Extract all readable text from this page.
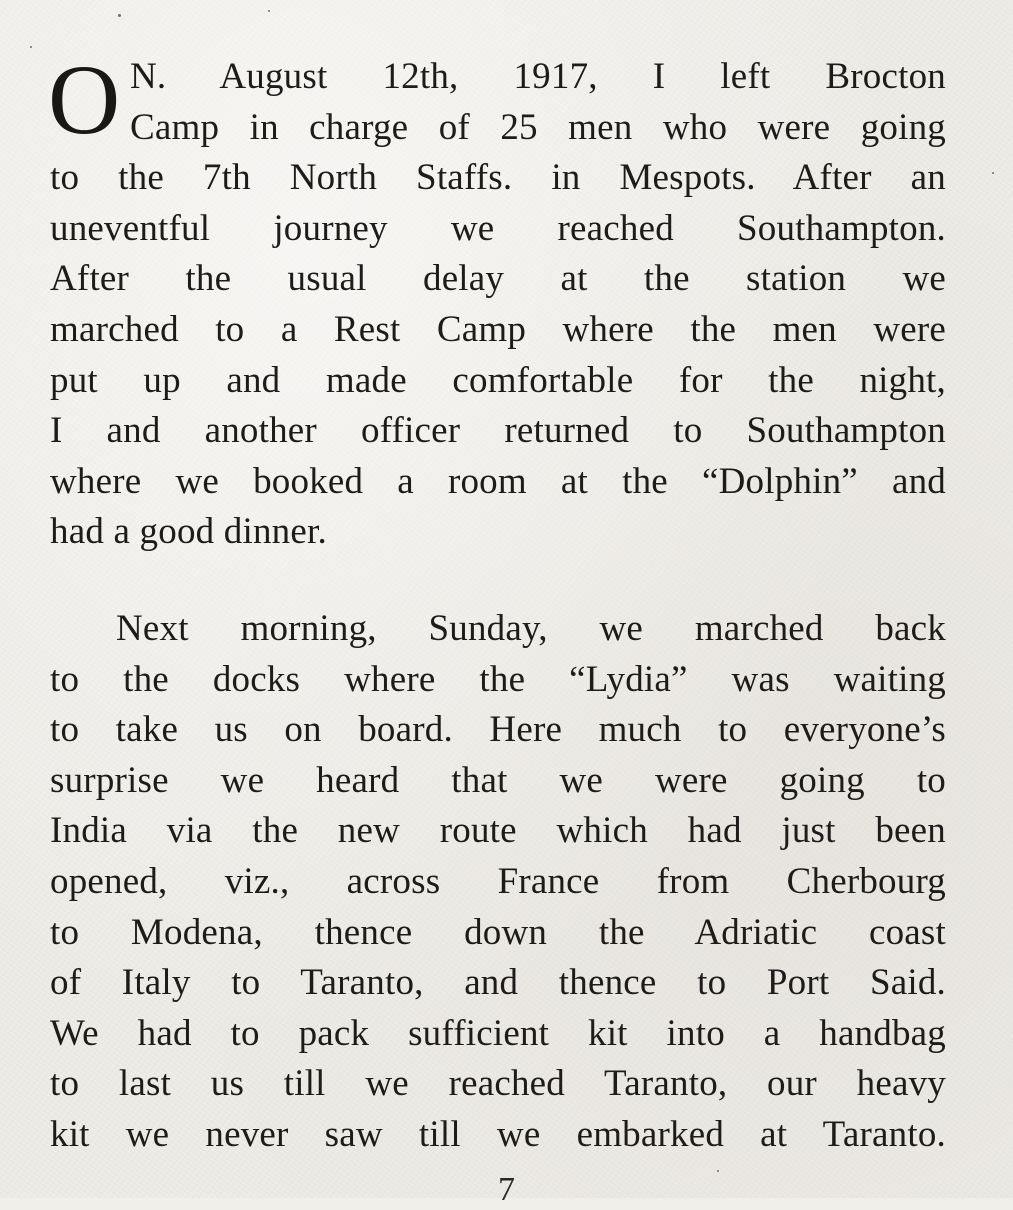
O N. August 12th, 1917, I left Brocton
Camp in charge of 25 men who were going
to the 7th North Staffs. in Mespots. After an
uneventful journey we reached Southampton.
After the usual delay at the station we
marched to a Rest Camp where the men were
put up and made comfortable for the night,
I and another officer returned to Southampton
where we booked a room at the “Dolphin” and
had a good dinner.
Next morning, Sunday, we marched back
to the docks where the “Lydia” was waiting
to take us on board. Here much to everyone’s
surprise we heard that we were going to
India via the new route which had just been
opened, viz., across France from Cherbourg
to Modena, thence down the Adriatic coast
of Italy to Taranto, and thence to Port Said.
We had to pack sufficient kit into a handbag
to last us till we reached Taranto, our heavy
kit we never saw till we embarked at Taranto.
7
